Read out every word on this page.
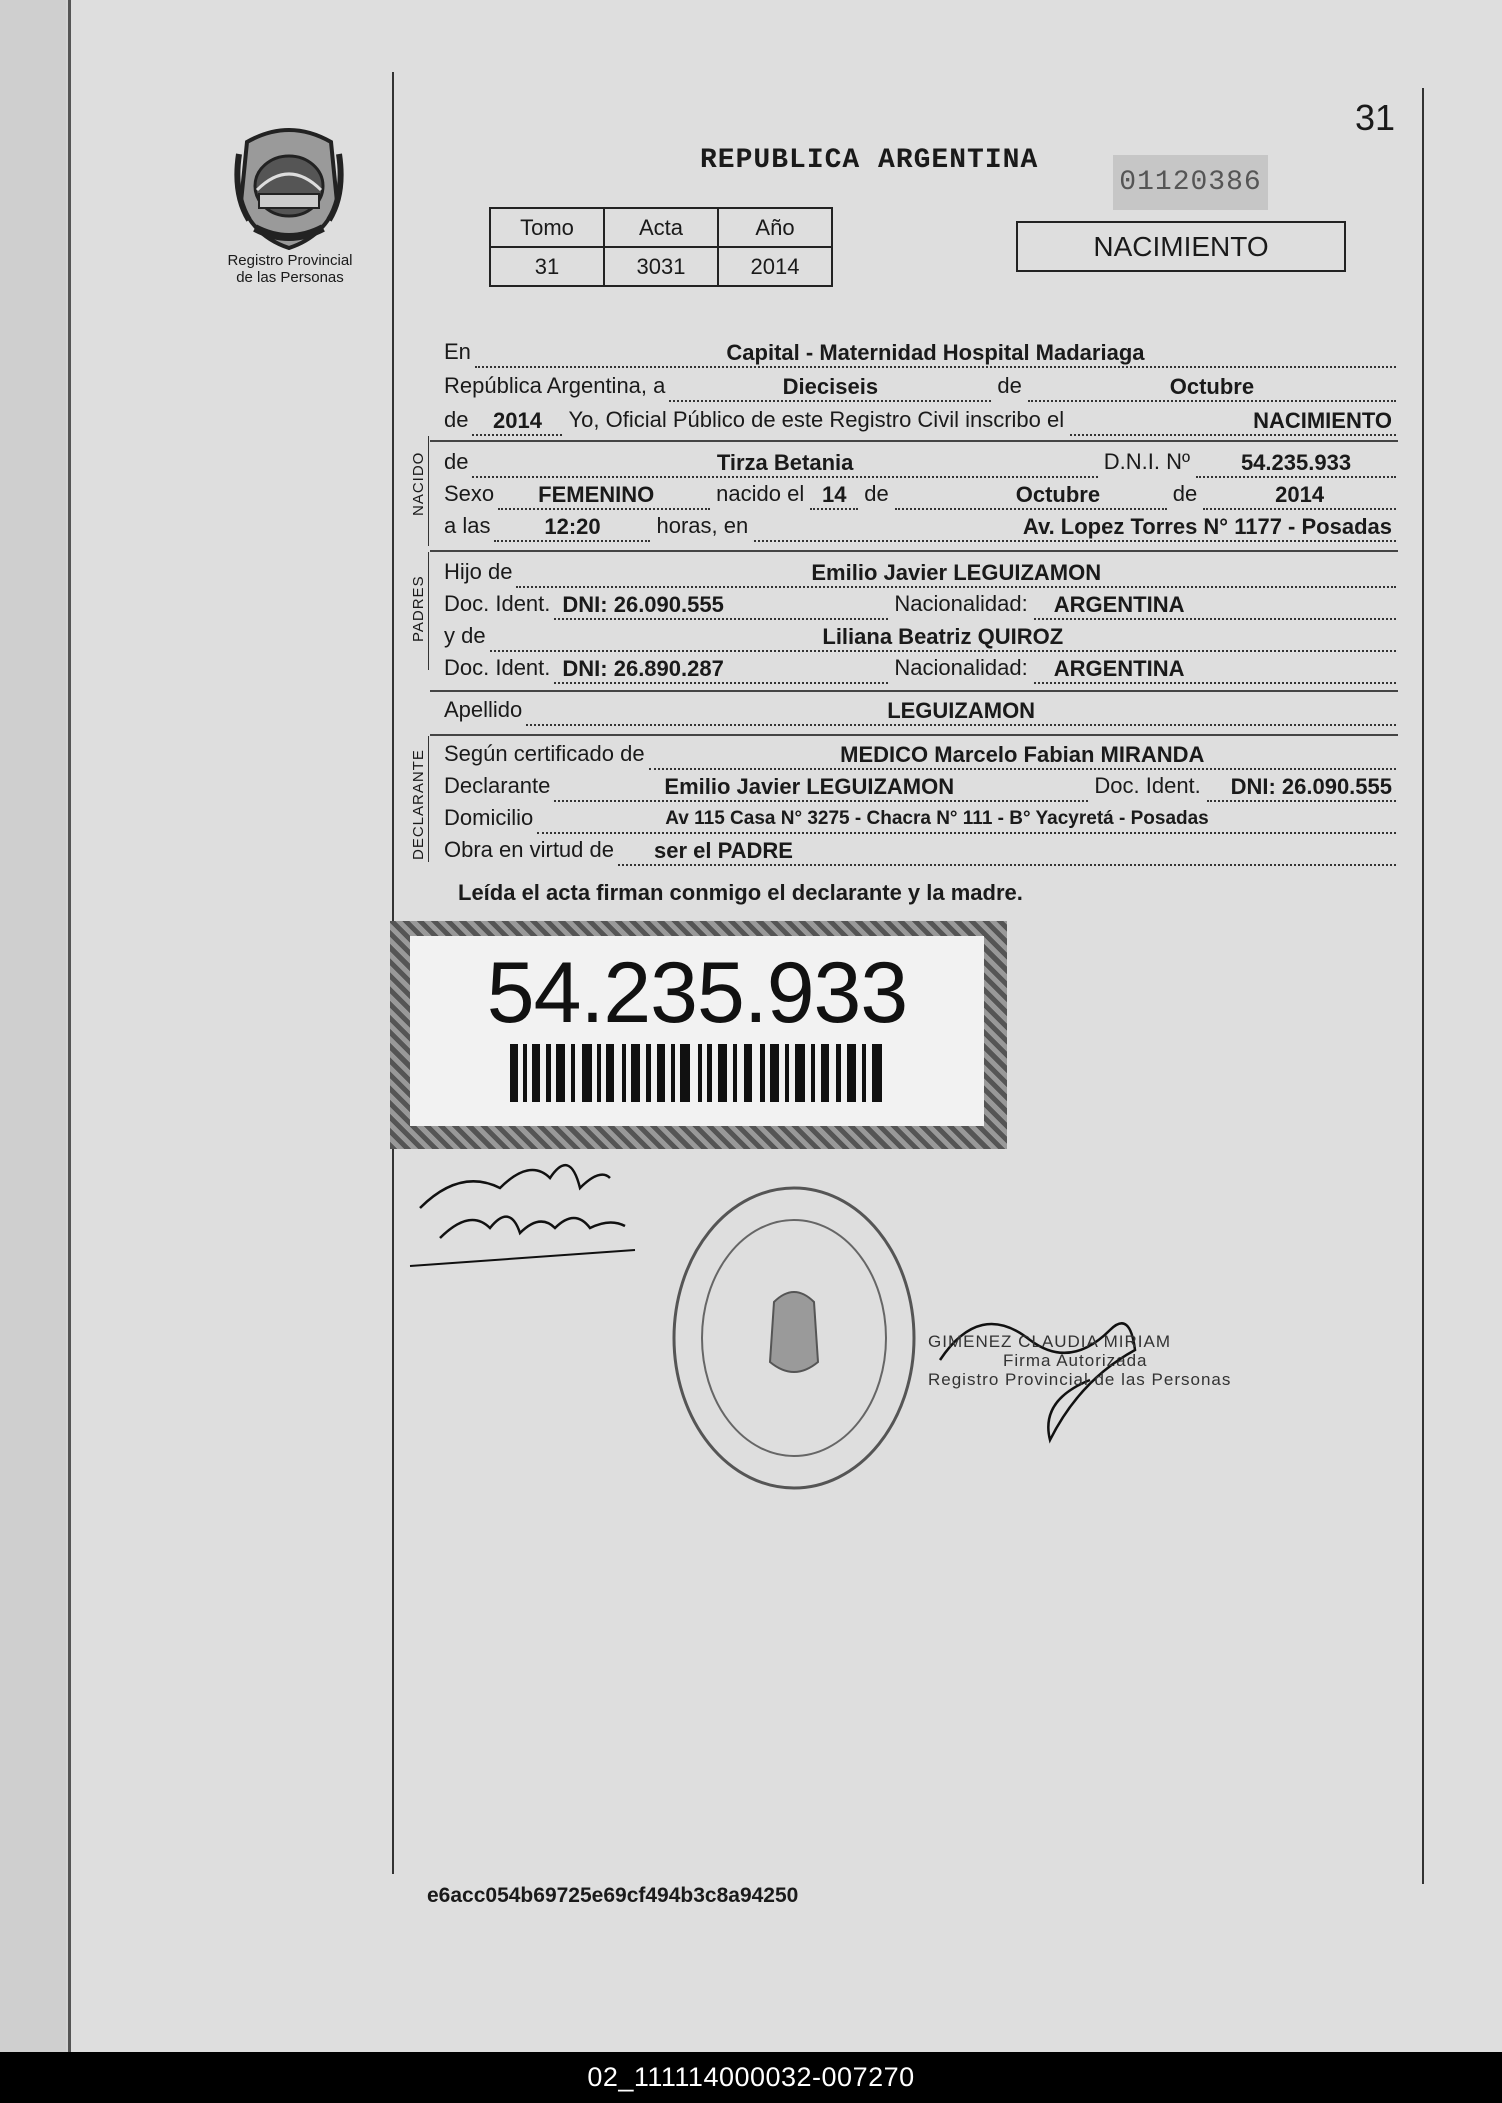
Registro Provincial
de las Personas
31
REPUBLICA ARGENTINA
01120386
NACIMIENTO
Tomo	Acta	Año
31	3031	2014
En	Capital - Maternidad Hospital Madariaga
República Argentina, a	Dieciseis	de	Octubre
de 2014 Yo, Oficial Público de este Registro Civil inscribo el	NACIMIENTO
NACIDO de	Tirza Betania	D.N.I. Nº 54.235.933
Sexo FEMENINO	nacido el 14 de	Octubre	de	2014
a las 12:20	horas, en	Av. Lopez Torres N° 1177 - Posadas
PADRES
Hijo de	Emilio Javier LEGUIZAMON
Doc. Ident. DNI: 26.090.555	Nacionalidad: ARGENTINA
y de	Liliana Beatriz QUIROZ
Doc. Ident. DNI: 26.890.287	Nacionalidad: ARGENTINA
Apellido	LEGUIZAMON
DECLARANTE Según certificado de	MEDICO Marcelo Fabian MIRANDA
Declarante	Emilio Javier LEGUIZAMON	Doc. Ident. DNI: 26.090.555
Domicilio	Av 115 Casa N° 3275 - Chacra N° 111 - B° Yacyretá - Posadas
Obra en virtud de ser el PADRE
Leída el acta firman conmigo el declarante y la madre.
54.235.933
GIMENEZ CLAUDIA MIRIAM
Firma Autorizada
Registro Provincial de las Personas
e6acc054b69725e69cf494b3c8a94250
02_111114000032-007270
